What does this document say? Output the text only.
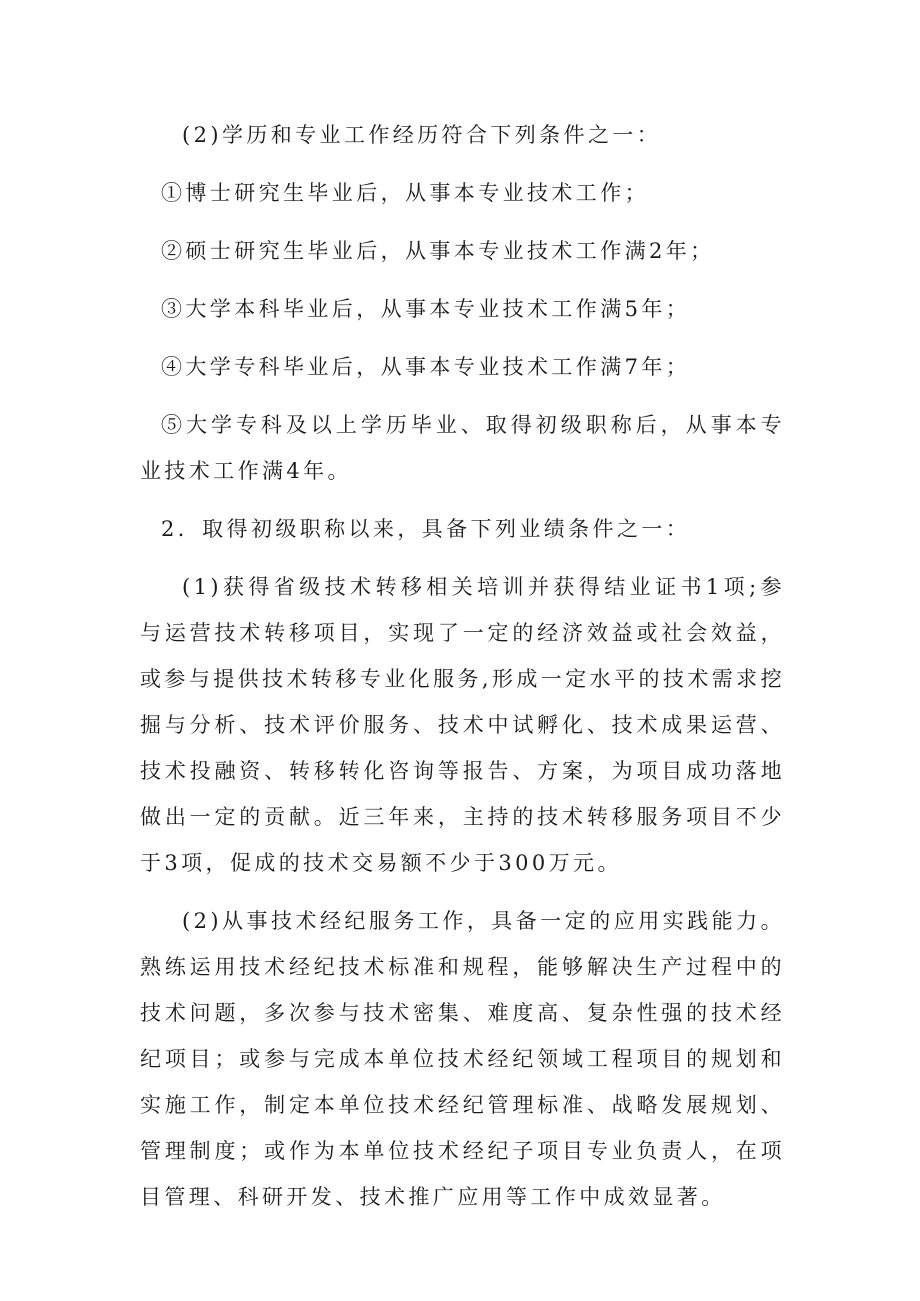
(2)学历和专业工作经历符合下列条件之一：

①博士研究生毕业后，从事本专业技术工作；

②硕士研究生毕业后，从事本专业技术工作满2年；

③大学本科毕业后，从事本专业技术工作满5年；

④大学专科毕业后，从事本专业技术工作满7年；

⑤大学专科及以上学历毕业、取得初级职称后，从事本专业技术工作满4年。

2．取得初级职称以来，具备下列业绩条件之一：

(1)获得省级技术转移相关培训并获得结业证书1项;参与运营技术转移项目，实现了一定的经济效益或社会效益，或参与提供技术转移专业化服务,形成一定水平的技术需求挖掘与分析、技术评价服务、技术中试孵化、技术成果运营、技术投融资、转移转化咨询等报告、方案，为项目成功落地做出一定的贡献。近三年来，主持的技术转移服务项目不少于3项，促成的技术交易额不少于300万元。

(2)从事技术经纪服务工作，具备一定的应用实践能力。熟练运用技术经纪技术标准和规程，能够解决生产过程中的技术问题，多次参与技术密集、难度高、复杂性强的技术经纪项目；或参与完成本单位技术经纪领域工程项目的规划和实施工作，制定本单位技术经纪管理标准、战略发展规划、管理制度；或作为本单位技术经纪子项目专业负责人，在项目管理、科研开发、技术推广应用等工作中成效显著。
